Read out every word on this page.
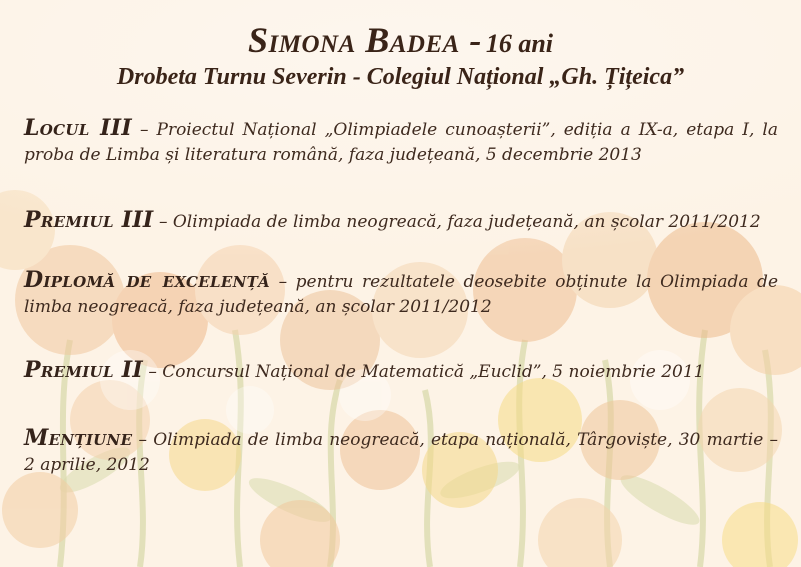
Simona Badea - 16 ani
Drobeta Turnu Severin - Colegiul Național „Gh. Țițeica”
Locul III – Proiectul Național „Olimpiadele cunoașterii”, ediția a IX-a, etapa I, la proba de Limba și literatura română, faza județeană, 5 decembrie 2013
Premiul III – Olimpiada de limba neogreacă, faza județeană, an școlar 2011/2012
Diplomă de excelență – pentru rezultatele deosebite obținute la Olimpiada de limba neogreacă, faza județeană, an școlar 2011/2012
Premiul II – Concursul Național de Matematică „Euclid”, 5 noiembrie 2011
Mențiune – Olimpiada de limba neogreacă, etapa națională, Târgoviște, 30 martie – 2 aprilie, 2012
